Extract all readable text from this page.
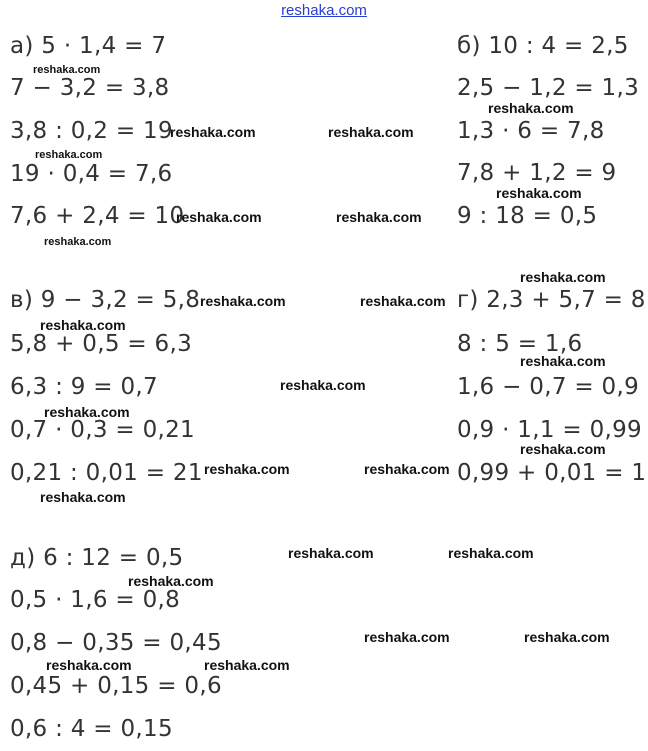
reshaka.com
а) 5 · 1,4 = 7
7 − 3,2 = 3,8
3,8 : 0,2 = 19
19 · 0,4 = 7,6
7,6 + 2,4 = 10
б) 10 : 4 = 2,5
2,5 − 1,2 = 1,3
1,3 · 6 = 7,8
7,8 + 1,2 = 9
9 : 18 = 0,5
в) 9 − 3,2 = 5,8
5,8 + 0,5 = 6,3
6,3 : 9 = 0,7
0,7 · 0,3 = 0,21
0,21 : 0,01 = 21
г) 2,3 + 5,7 = 8
8 : 5 = 1,6
1,6 − 0,7 = 0,9
0,9 · 1,1 = 0,99
0,99 + 0,01 = 1
д) 6 : 12 = 0,5
0,5 · 1,6 = 0,8
0,8 − 0,35 = 0,45
0,45 + 0,15 = 0,6
0,6 : 4 = 0,15
reshaka.com
reshaka.com	reshaka.com
reshaka.com
reshaka.com	reshaka.com
reshaka.com
reshaka.com
reshaka.com
reshaka.com
reshaka.com	reshaka.com
reshaka.com
reshaka.com
reshaka.com
reshaka.com
reshaka.com	reshaka.com
reshaka.com
reshaka.com
reshaka.com	reshaka.com
reshaka.com
reshaka.com	reshaka.com
reshaka.com	reshaka.com
